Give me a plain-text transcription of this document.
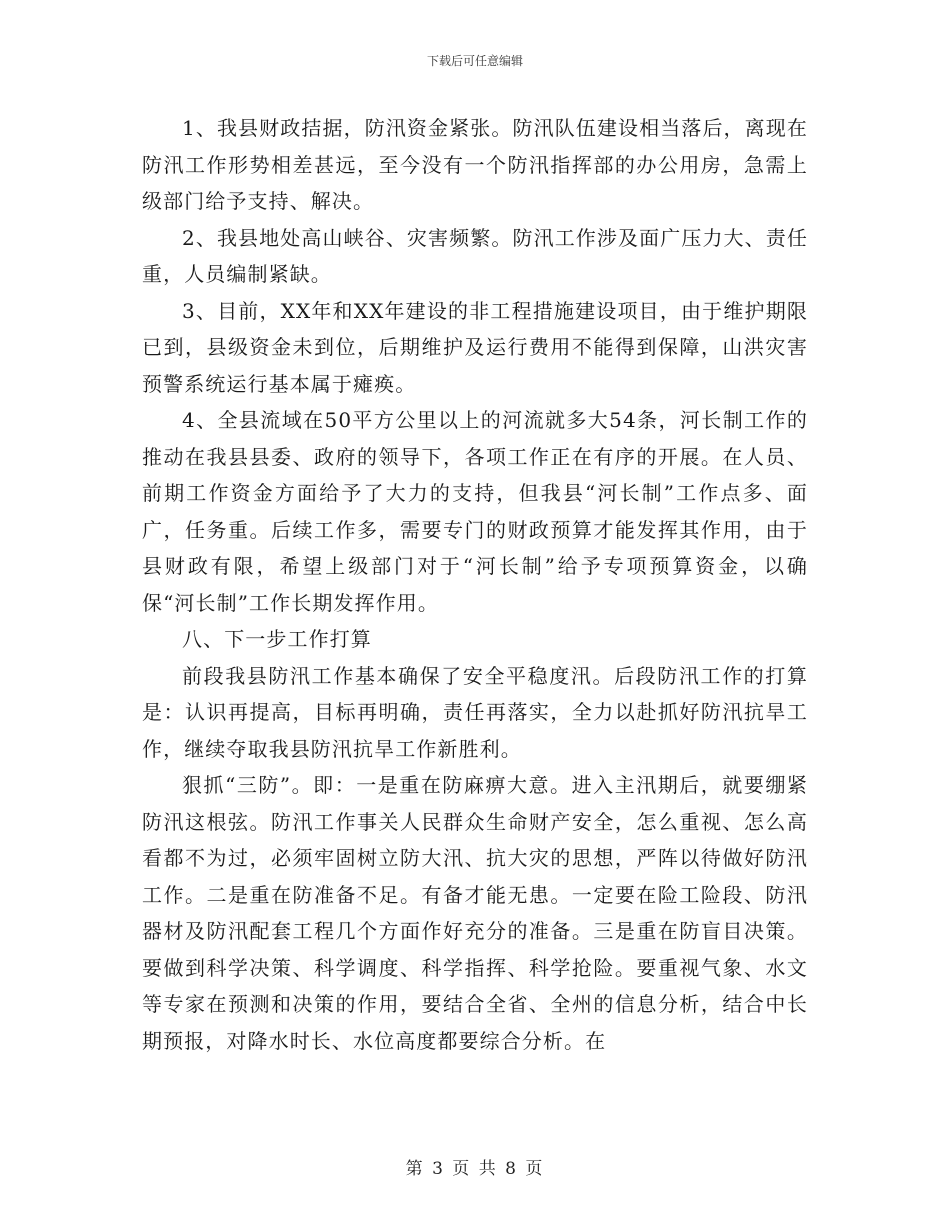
下载后可任意编辑

1、我县财政拮据，防汛资金紧张。防汛队伍建设相当落后，离现在防汛工作形势相差甚远，至今没有一个防汛指挥部的办公用房，急需上级部门给予支持、解决。

2、我县地处高山峡谷、灾害频繁。防汛工作涉及面广压力大、责任重，人员编制紧缺。

3、目前，XX年和XX年建设的非工程措施建设项目，由于维护期限已到，县级资金未到位，后期维护及运行费用不能得到保障，山洪灾害预警系统运行基本属于瘫痪。

4、全县流域在50平方公里以上的河流就多大54条，河长制工作的推动在我县县委、政府的领导下，各项工作正在有序的开展。在人员、前期工作资金方面给予了大力的支持，但我县“河长制”工作点多、面广，任务重。后续工作多，需要专门的财政预算才能发挥其作用，由于县财政有限，希望上级部门对于“河长制”给予专项预算资金，以确保“河长制”工作长期发挥作用。

八、下一步工作打算

前段我县防汛工作基本确保了安全平稳度汛。后段防汛工作的打算是：认识再提高，目标再明确，责任再落实，全力以赴抓好防汛抗旱工作，继续夺取我县防汛抗旱工作新胜利。

狠抓“三防”。即：一是重在防麻痹大意。进入主汛期后，就要绷紧防汛这根弦。防汛工作事关人民群众生命财产安全，怎么重视、怎么高看都不为过，必须牢固树立防大汛、抗大灾的思想，严阵以待做好防汛工作。二是重在防准备不足。有备才能无患。一定要在险工险段、防汛器材及防汛配套工程几个方面作好充分的准备。三是重在防盲目决策。要做到科学决策、科学调度、科学指挥、科学抢险。要重视气象、水文等专家在预测和决策的作用，要结合全省、全州的信息分析，结合中长期预报，对降水时长、水位高度都要综合分析。在

第 3 页 共 8 页
